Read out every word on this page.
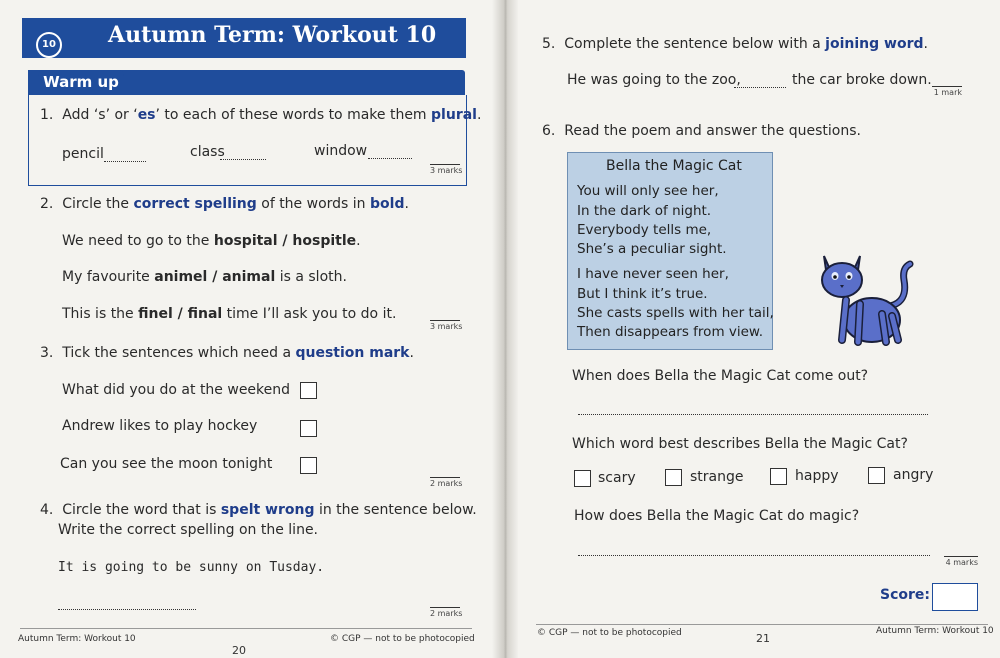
10 Autumn Term: Workout 10
Warm up
1. Add ‘s’ or ‘es’ to each of these words to make them plural.
pencil	class	window
3 marks
2. Circle the correct spelling of the words in bold.
We need to go to the hospital / hospitle.
My favourite animel / animal is a sloth.
This is the finel / final time I’ll ask you to do it.
3 marks
3. Tick the sentences which need a question mark.
What did you do at the weekend
Andrew likes to play hockey
Can you see the moon tonight
2 marks
4. Circle the word that is spelt wrong in the sentence below.
Write the correct spelling on the line.
It is going to be sunny on Tusday.
2 marks
Autumn Term: Workout 10
20
© CGP — not to be photocopied
5. Complete the sentence below with a joining word.
He was going to the zoo,	the car broke down.
1 mark
6. Read the poem and answer the questions.
Bella the Magic Cat
You will only see her,
In the dark of night.
Everybody tells me,
She’s a peculiar sight.
I have never seen her,
But I think it’s true.
She casts spells with her tail,
Then disappears from view.
When does Bella the Magic Cat come out?
Which word best describes Bella the Magic Cat?
scary	strange	happy	angry
How does Bella the Magic Cat do magic?
4 marks
Score:
© CGP — not to be photocopied	21
Autumn Term: Workout 10
